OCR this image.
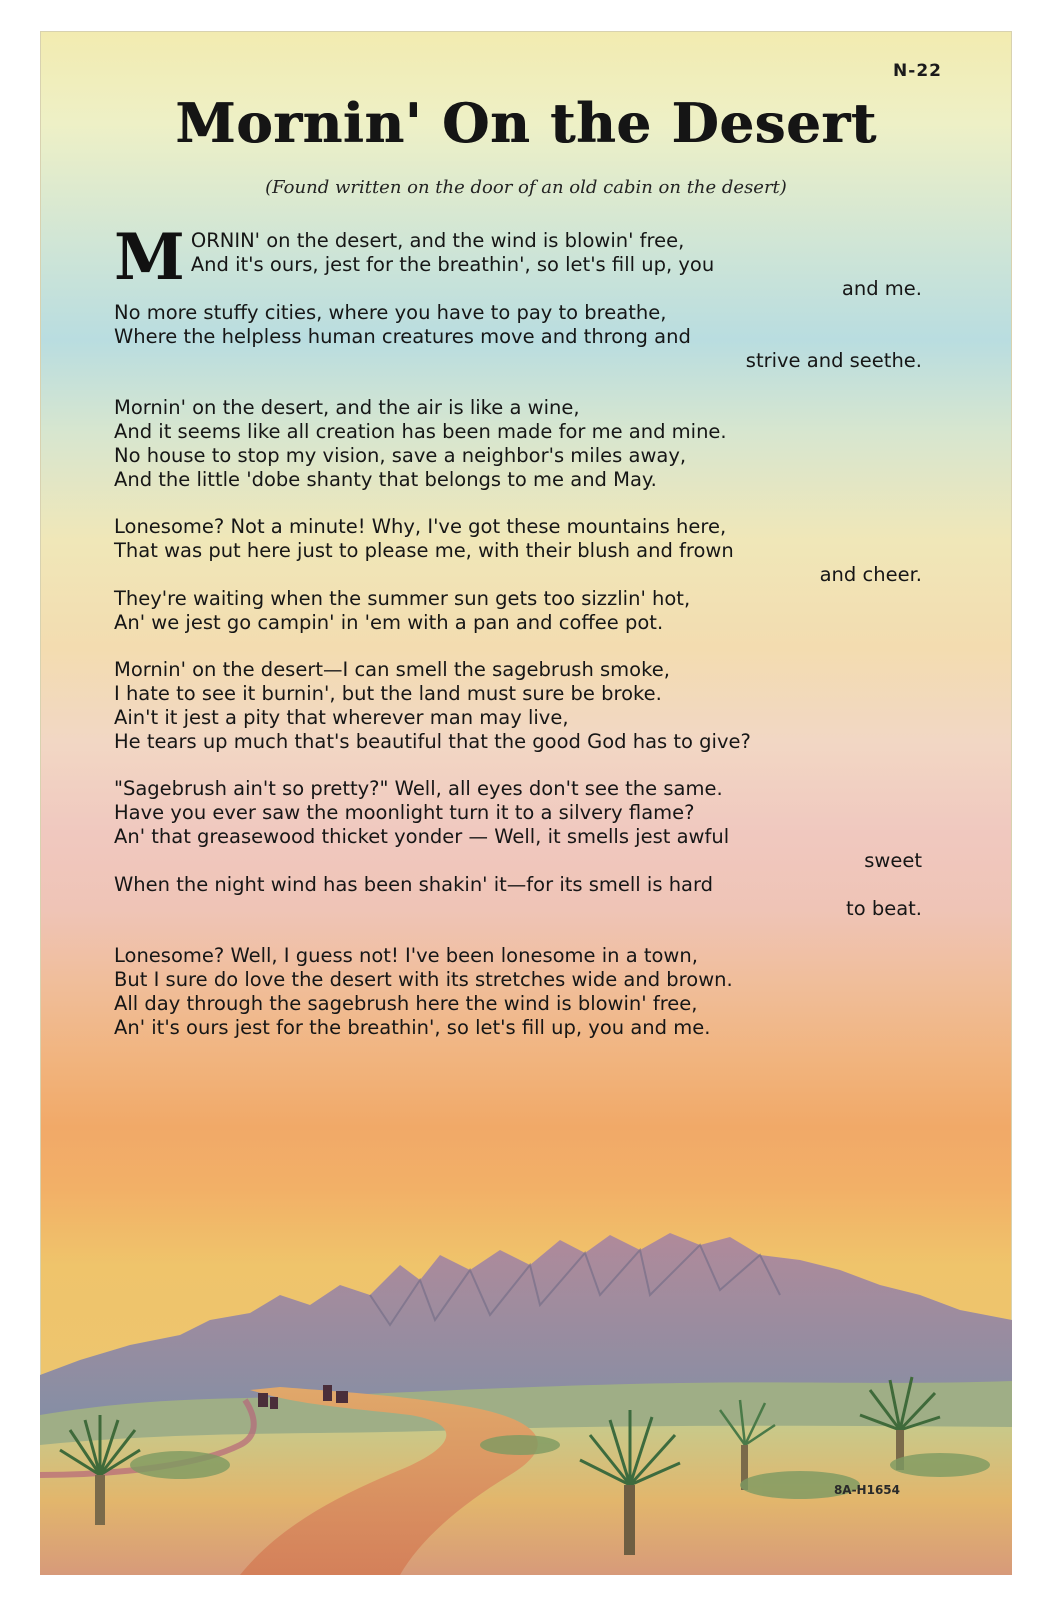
N-22
Mornin' On the Desert
(Found written on the door of an old cabin on the desert)
M ORNIN' on the desert, and the wind is blowin' free,
And it's ours, jest for the breathin', so let's fill up, you
and me.
No more stuffy cities, where you have to pay to breathe,
Where the helpless human creatures move and throng and
strive and seethe.
Mornin' on the desert, and the air is like a wine,
And it seems like all creation has been made for me and mine.
No house to stop my vision, save a neighbor's miles away,
And the little 'dobe shanty that belongs to me and May.
Lonesome? Not a minute! Why, I've got these mountains here,
That was put here just to please me, with their blush and frown
and cheer.
They're waiting when the summer sun gets too sizzlin' hot,
An' we jest go campin' in 'em with a pan and coffee pot.
Mornin' on the desert—I can smell the sagebrush smoke,
I hate to see it burnin', but the land must sure be broke.
Ain't it jest a pity that wherever man may live,
He tears up much that's beautiful that the good God has to give?
"Sagebrush ain't so pretty?" Well, all eyes don't see the same.
Have you ever saw the moonlight turn it to a silvery flame?
An' that greasewood thicket yonder — Well, it smells jest awful
sweet
When the night wind has been shakin' it—for its smell is hard
to beat.
Lonesome? Well, I guess not! I've been lonesome in a town,
But I sure do love the desert with its stretches wide and brown.
All day through the sagebrush here the wind is blowin' free,
An' it's ours jest for the breathin', so let's fill up, you and me.
8A-H1654
